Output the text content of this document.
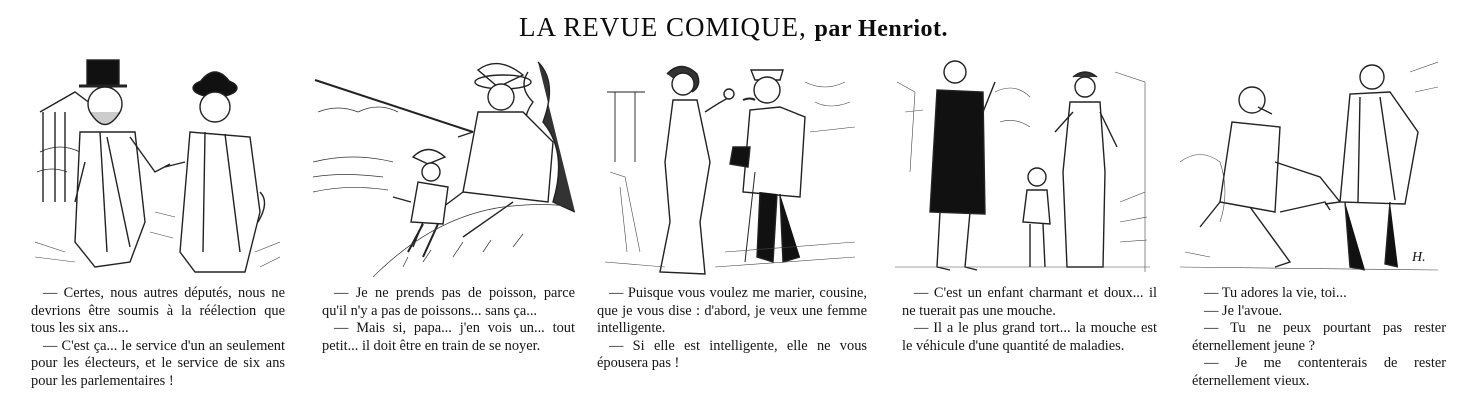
LA REVUE COMIQUE, par Henriot.
H.

— Certes, nous autres députés, nous ne devrions être soumis à la réélection que tous les six ans...

— C'est ça... le service d'un an seulement pour les électeurs, et le service de six ans pour les parlementaires !

— Je ne prends pas de poisson, parce qu'il n'y a pas de poissons... sans ça...

— Mais si, papa... j'en vois un... tout petit... il doit être en train de se noyer.

— Puisque vous voulez me marier, cousine, que je vous dise : d'abord, je veux une femme intelligente.

— Si elle est intelligente, elle ne vous épousera pas !

— C'est un enfant charmant et doux... il ne tuerait pas une mouche.

— Il a le plus grand tort... la mouche est le véhicule d'une quantité de maladies.

— Tu adores la vie, toi...

— Je l'avoue.

— Tu ne peux pourtant pas rester éternellement jeune ?

— Je me contenterais de rester éternellement vieux.
